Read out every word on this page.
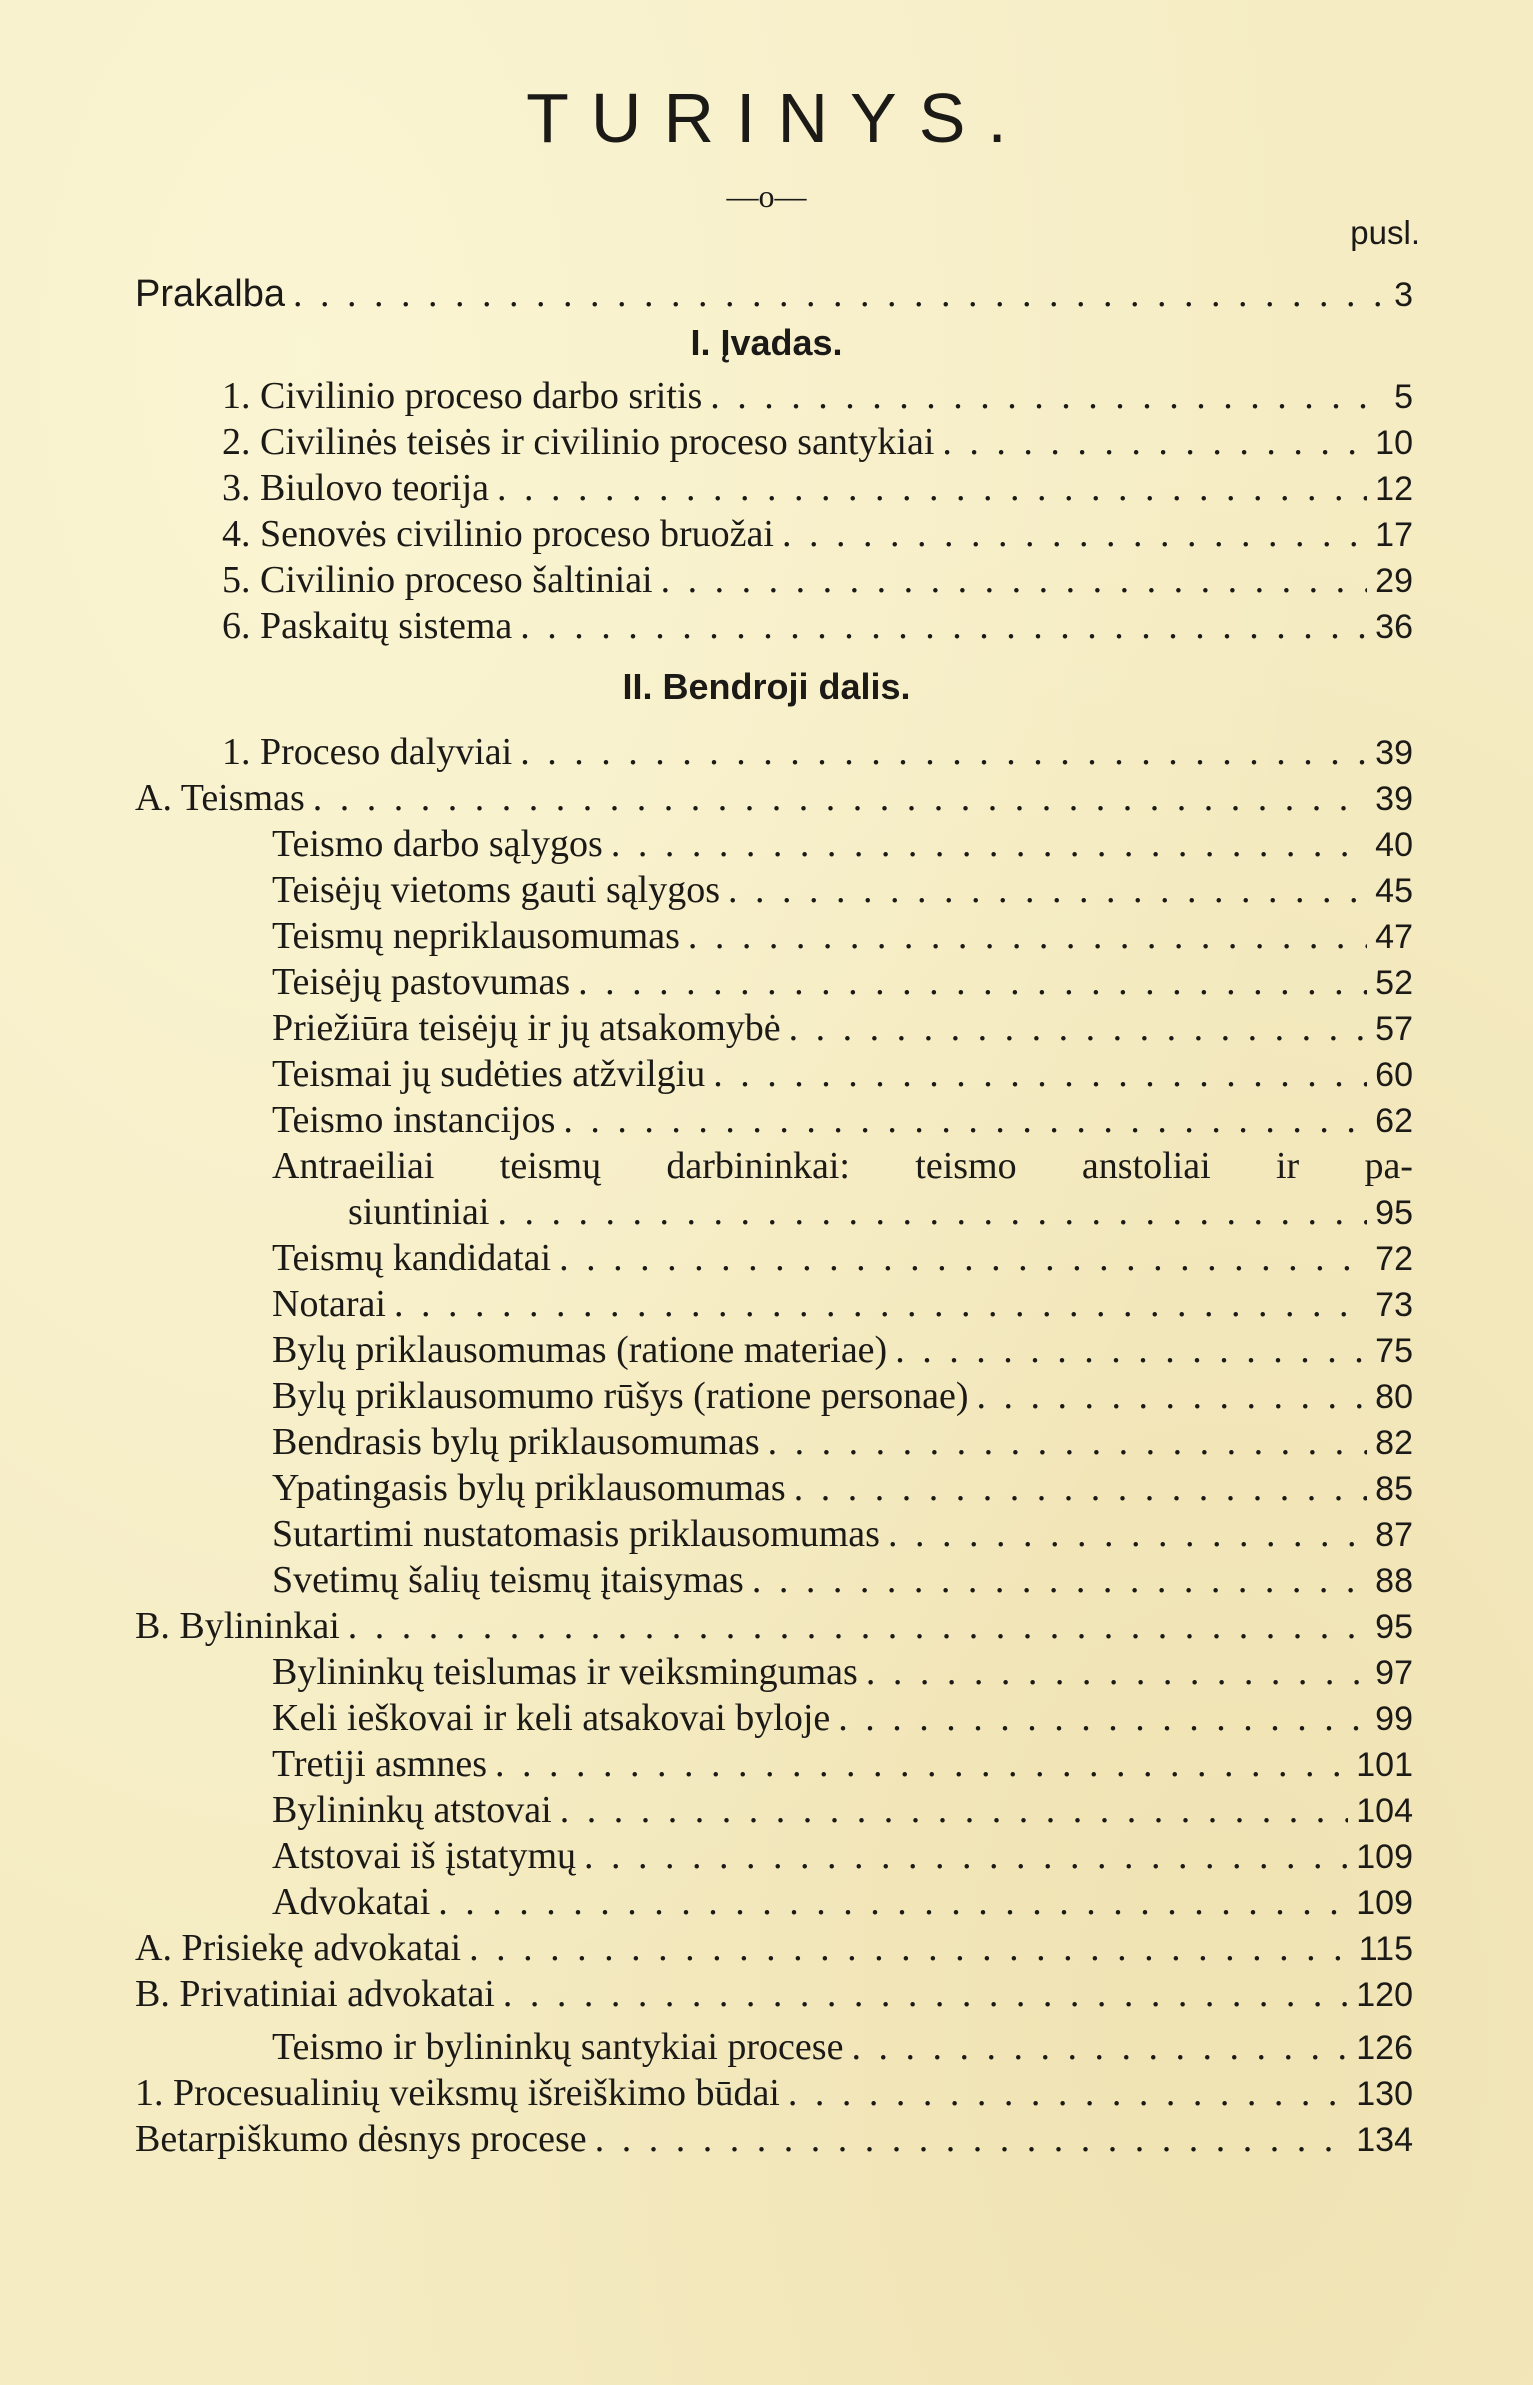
TURINYS.
—o—
pusl.
Prakalba . . .	3
I. Įvadas.
1. Civilinio proceso darbo sritis . . .	5
2. Civilinės teisės ir civilinio proceso santykiai . . .	10
3. Biulovo teorija . . .	12
4. Senovės civilinio proceso bruožai . . .	17
5. Civilinio proceso šaltiniai . . .	29
6. Paskaitų sistema . . .	36
II. Bendroji dalis.
1. Proceso dalyviai . . .	39
A. Teismas . . .	39
Teismo darbo sąlygos . . .	40
Teisėjų vietoms gauti sąlygos . . .	45
Teismų nepriklausomumas . . .	47
Teisėjų pastovumas . . .	52
Priežiūra teisėjų ir jų atsakomybė . . .	57
Teismai jų sudėties atžvilgiu . . .	60
Teismo instancijos . . .	62
Antraeiliai teismų darbininkai: teismo anstoliai ir pa-
siuntiniai . . .	95
Teismų kandidatai . . .	72
Notarai . . .	73
Bylų priklausomumas (ratione materiae) . . .	75
Bylų priklausomumo rūšys (ratione personae) . . .	80
Bendrasis bylų priklausomumas . . .	82
Ypatingasis bylų priklausomumas . . .	85
Sutartimi nustatomasis priklausomumas . . .	87
Svetimų šalių teismų įtaisymas . . .	88
B. Bylininkai . . .	95
Bylininkų teislumas ir veiksmingumas . . .	97
Keli ieškovai ir keli atsakovai byloje . . .	99
Tretiji asmnes . . .	101
Bylininkų atstovai . . .	104
Atstovai iš įstatymų . . .	109
Advokatai . . .	109
A. Prisiekę advokatai . . .	115
B. Privatiniai advokatai . . .	120
Teismo ir bylininkų santykiai procese . . .	126
1. Procesualinių veiksmų išreiškimo būdai . . .	130
Betarpiškumo dėsnys procese . . .	134
